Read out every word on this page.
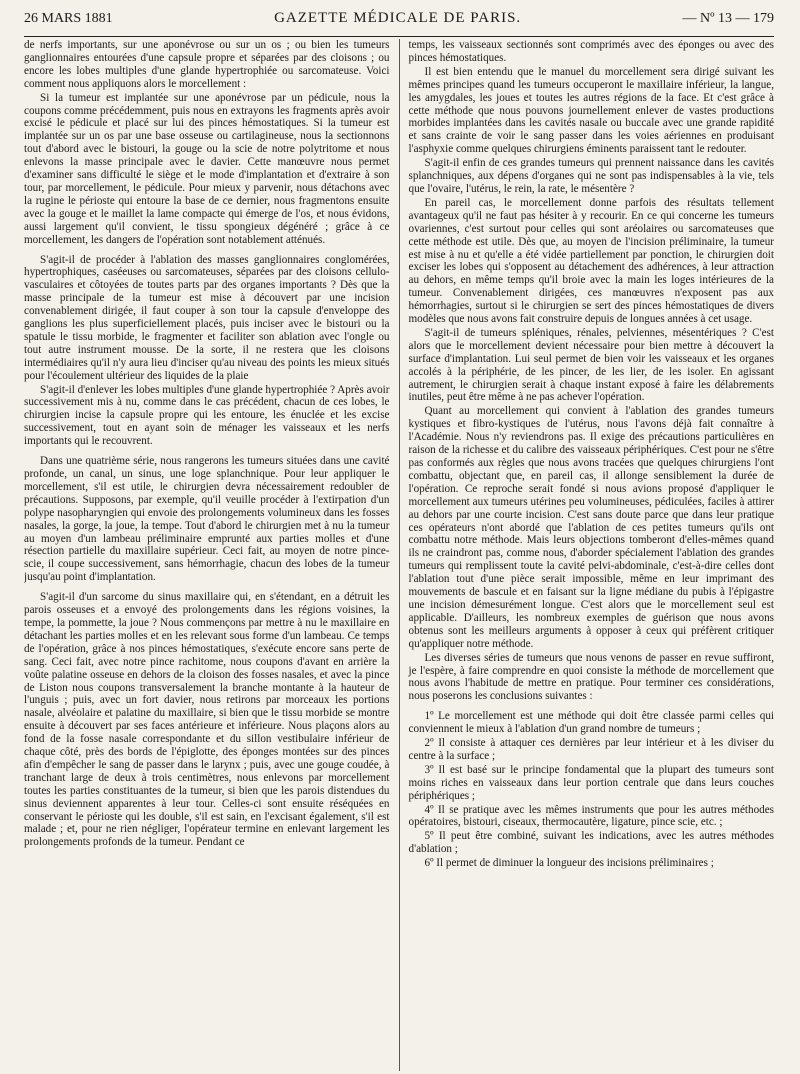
26 MARS 1881	GAZETTE MÉDICALE DE PARIS.	— Nº 13 — 179

de nerfs importants, sur une aponévrose ou sur un os ; ou bien les tumeurs ganglionnaires entourées d'une capsule propre et séparées par des cloisons ; ou encore les lobes multiples d'une glande hypertrophiée ou sarcomateuse. Voici comment nous appliquons alors le morcellement :

Si la tumeur est implantée sur une aponévrose par un pédicule, nous la coupons comme précédemment, puis nous en extrayons les fragments après avoir excisé le pédicule et placé sur lui des pinces hémostatiques. Si la tumeur est implantée sur un os par une base osseuse ou cartilagineuse, nous la sectionnons tout d'abord avec le bistouri, la gouge ou la scie de notre polytritome et nous enlevons la masse principale avec le davier. Cette manœuvre nous permet d'examiner sans difficulté le siège et le mode d'implantation et d'extraire à son tour, par morcellement, le pédicule. Pour mieux y parvenir, nous détachons avec la rugine le périoste qui entoure la base de ce dernier, nous fragmentons ensuite avec la gouge et le maillet la lame compacte qui émerge de l'os, et nous évidons, aussi largement qu'il convient, le tissu spongieux dégénéré ; grâce à ce morcellement, les dangers de l'opération sont notablement atténués.

S'agit-il de procéder à l'ablation des masses ganglionnaires conglomérées, hypertrophiques, caséeuses ou sarcomateuses, séparées par des cloisons cellulo-vasculaires et côtoyées de toutes parts par des organes importants ? Dès que la masse principale de la tumeur est mise à découvert par une incision convenablement dirigée, il faut couper à son tour la capsule d'enveloppe des ganglions les plus superficiellement placés, puis inciser avec le bistouri ou la spatule le tissu morbide, le fragmenter et faciliter son ablation avec l'ongle ou tout autre instrument mousse. De la sorte, il ne restera que les cloisons intermédiaires qu'il n'y aura lieu d'inciser qu'au niveau des points les mieux situés pour l'écoulement ultérieur des liquides de la plaie

S'agit-il d'enlever les lobes multiples d'une glande hypertrophiée ? Après avoir successivement mis à nu, comme dans le cas précédent, chacun de ces lobes, le chirurgien incise la capsule propre qui les entoure, les énuclée et les excise successivement, tout en ayant soin de ménager les vaisseaux et les nerfs importants qui le recouvrent.

Dans une quatrième série, nous rangerons les tumeurs situées dans une cavité profonde, un canal, un sinus, une loge splanchnique. Pour leur appliquer le morcellement, s'il est utile, le chirurgien devra nécessairement redoubler de précautions. Supposons, par exemple, qu'il veuille procéder à l'extirpation d'un polype nasopharyngien qui envoie des prolongements volumineux dans les fosses nasales, la gorge, la joue, la tempe. Tout d'abord le chirurgien met à nu la tumeur au moyen d'un lambeau préliminaire emprunté aux parties molles et d'une résection partielle du maxillaire supérieur. Ceci fait, au moyen de notre pince-scie, il coupe successivement, sans hémorrhagie, chacun des lobes de la tumeur jusqu'au point d'implantation.

S'agit-il d'un sarcome du sinus maxillaire qui, en s'étendant, en a détruit les parois osseuses et a envoyé des prolongements dans les régions voisines, la tempe, la pommette, la joue ? Nous commençons par mettre à nu le maxillaire en détachant les parties molles et en les relevant sous forme d'un lambeau. Ce temps de l'opération, grâce à nos pinces hémostatiques, s'exécute encore sans perte de sang. Ceci fait, avec notre pince rachitome, nous coupons d'avant en arrière la voûte palatine osseuse en dehors de la cloison des fosses nasales, et avec la pince de Liston nous coupons transversalement la branche montante à la hauteur de l'unguis ; puis, avec un fort davier, nous retirons par morceaux les portions nasale, alvéolaire et palatine du maxillaire, si bien que le tissu morbide se montre ensuite à découvert par ses faces antérieure et inférieure. Nous plaçons alors au fond de la fosse nasale correspondante et du sillon vestibulaire inférieur de chaque côté, près des bords de l'épiglotte, des éponges montées sur des pinces afin d'empêcher le sang de passer dans le larynx ; puis, avec une gouge coudée, à tranchant large de deux à trois centimètres, nous enlevons par morcellement toutes les parties constituantes de la tumeur, si bien que les parois distendues du sinus deviennent apparentes à leur tour. Celles-ci sont ensuite réséquées en conservant le périoste qui les double, s'il est sain, en l'excisant également, s'il est malade ; et, pour ne rien négliger, l'opérateur termine en enlevant largement les prolongements profonds de la tumeur. Pendant ce

temps, les vaisseaux sectionnés sont comprimés avec des éponges ou avec des pinces hémostatiques.

Il est bien entendu que le manuel du morcellement sera dirigé suivant les mêmes principes quand les tumeurs occuperont le maxillaire inférieur, la langue, les amygdales, les joues et toutes les autres régions de la face. Et c'est grâce à cette méthode que nous pouvons journellement enlever de vastes productions morbides implantées dans les cavités nasale ou buccale avec une grande rapidité et sans crainte de voir le sang passer dans les voies aériennes en produisant l'asphyxie comme quelques chirurgiens éminents paraissent tant le redouter.

S'agit-il enfin de ces grandes tumeurs qui prennent naissance dans les cavités splanchniques, aux dépens d'organes qui ne sont pas indispensables à la vie, tels que l'ovaire, l'utérus, le rein, la rate, le mésentère ?

En pareil cas, le morcellement donne parfois des résultats tellement avantageux qu'il ne faut pas hésiter à y recourir. En ce qui concerne les tumeurs ovariennes, c'est surtout pour celles qui sont aréolaires ou sarcomateuses que cette méthode est utile. Dès que, au moyen de l'incision préliminaire, la tumeur est mise à nu et qu'elle a été vidée partiellement par ponction, le chirurgien doit exciser les lobes qui s'opposent au détachement des adhérences, à leur attraction au dehors, en même temps qu'il broie avec la main les loges intérieures de la tumeur. Convenablement dirigées, ces manœuvres n'exposent pas aux hémorrhagies, surtout si le chirurgien se sert des pinces hémostatiques de divers modèles que nous avons fait construire depuis de longues années à cet usage.

S'agit-il de tumeurs spléniques, rénales, pelviennes, mésentériques ? C'est alors que le morcellement devient nécessaire pour bien mettre à découvert la surface d'implantation. Lui seul permet de bien voir les vaisseaux et les organes accolés à la périphérie, de les pincer, de les lier, de les isoler. En agissant autrement, le chirurgien serait à chaque instant exposé à faire les délabrements inutiles, peut être même à ne pas achever l'opération.

Quant au morcellement qui convient à l'ablation des grandes tumeurs kystiques et fibro-kystiques de l'utérus, nous l'avons déjà fait connaître à l'Académie. Nous n'y reviendrons pas. Il exige des précautions particulières en raison de la richesse et du calibre des vaisseaux périphériques. C'est pour ne s'être pas conformés aux règles que nous avons tracées que quelques chirurgiens l'ont combattu, objectant que, en pareil cas, il allonge sensiblement la durée de l'opération. Ce reproche serait fondé si nous avions proposé d'appliquer le morcellement aux tumeurs utérines peu volumineuses, pédiculées, faciles à attirer au dehors par une courte incision. C'est sans doute parce que dans leur pratique ces opérateurs n'ont abordé que l'ablation de ces petites tumeurs qu'ils ont combattu notre méthode. Mais leurs objections tomberont d'elles-mêmes quand ils ne craindront pas, comme nous, d'aborder spécialement l'ablation des grandes tumeurs qui remplissent toute la cavité pelvi-abdominale, c'est-à-dire celles dont l'ablation tout d'une pièce serait impossible, même en leur imprimant des mouvements de bascule et en faisant sur la ligne médiane du pubis à l'épigastre une incision démesurément longue. C'est alors que le morcellement seul est applicable. D'ailleurs, les nombreux exemples de guérison que nous avons obtenus sont les meilleurs arguments à opposer à ceux qui préfèrent critiquer qu'appliquer notre méthode.

Les diverses séries de tumeurs que nous venons de passer en revue suffiront, je l'espère, à faire comprendre en quoi consiste la méthode de morcellement que nous avons l'habitude de mettre en pratique. Pour terminer ces considérations, nous poserons les conclusions suivantes :

1º Le morcellement est une méthode qui doit être classée parmi celles qui conviennent le mieux à l'ablation d'un grand nombre de tumeurs ;

2º Il consiste à attaquer ces dernières par leur intérieur et à les diviser du centre à la surface ;

3º Il est basé sur le principe fondamental que la plupart des tumeurs sont moins riches en vaisseaux dans leur portion centrale que dans leurs couches périphériques ;

4º Il se pratique avec les mêmes instruments que pour les autres méthodes opératoires, bistouri, ciseaux, thermocautère, ligature, pince scie, etc. ;

5º Il peut être combiné, suivant les indications, avec les autres méthodes d'ablation ;

6º Il permet de diminuer la longueur des incisions préliminaires ;
